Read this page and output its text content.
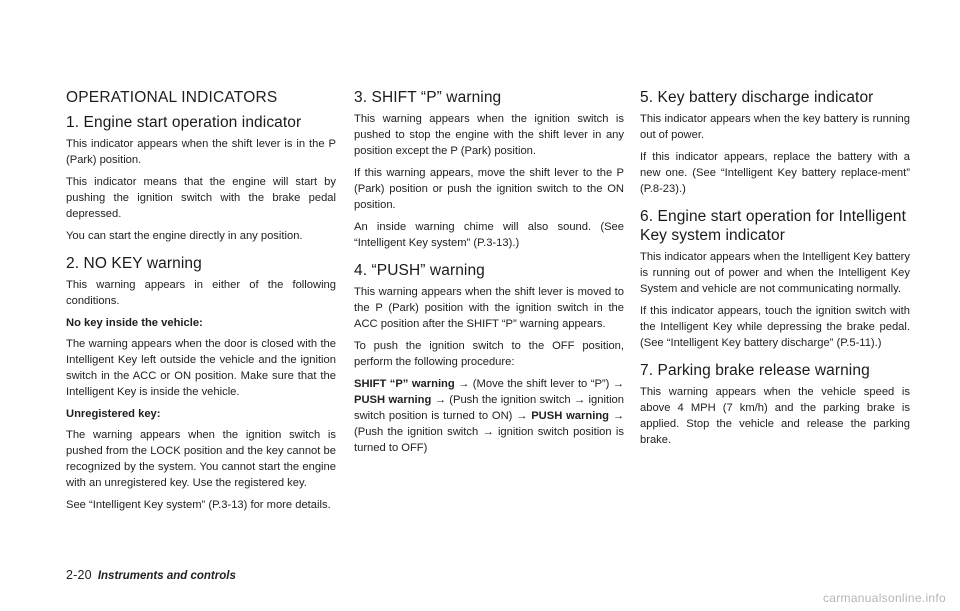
OPERATIONAL INDICATORS
1. Engine start operation indicator

This indicator appears when the shift lever is in the P (Park) position.

This indicator means that the engine will start by pushing the ignition switch with the brake pedal depressed.

You can start the engine directly in any position.

2. NO KEY warning

This warning appears in either of the following conditions.

No key inside the vehicle:

The warning appears when the door is closed with the Intelligent Key left outside the vehicle and the ignition switch in the ACC or ON position. Make sure that the Intelligent Key is inside the vehicle.

Unregistered key:

The warning appears when the ignition switch is pushed from the LOCK position and the key cannot be recognized by the system. You cannot start the engine with an unregistered key. Use the registered key.

See “Intelligent Key system” (P.3-13) for more details.

3. SHIFT “P” warning

This warning appears when the ignition switch is pushed to stop the engine with the shift lever in any position except the P (Park) position.

If this warning appears, move the shift lever to the P (Park) position or push the ignition switch to the ON position.

An inside warning chime will also sound. (See “Intelligent Key system” (P.3-13).)

4. “PUSH” warning

This warning appears when the shift lever is moved to the P (Park) position with the ignition switch in the ACC position after the SHIFT “P” warning appears.

To push the ignition switch to the OFF position, perform the following procedure:

SHIFT “P” warning → (Move the shift lever to “P”) → PUSH warning → (Push the ignition switch → ignition switch position is turned to ON) → PUSH warning → (Push the ignition switch → ignition switch position is turned to OFF)

5. Key battery discharge indicator

This indicator appears when the key battery is running out of power.

If this indicator appears, replace the battery with a new one. (See “Intelligent Key battery replace-ment” (P.8-23).)

6. Engine start operation for Intelligent Key system indicator

This indicator appears when the Intelligent Key battery is running out of power and when the Intelligent Key System and vehicle are not communicating normally.

If this indicator appears, touch the ignition switch with the Intelligent Key while depressing the brake pedal. (See “Intelligent Key battery discharge” (P.5-11).)

7. Parking brake release warning

This warning appears when the vehicle speed is above 4 MPH (7 km/h) and the parking brake is applied. Stop the vehicle and release the parking brake.

2-20 Instruments and controls
carmanualsonline.info
